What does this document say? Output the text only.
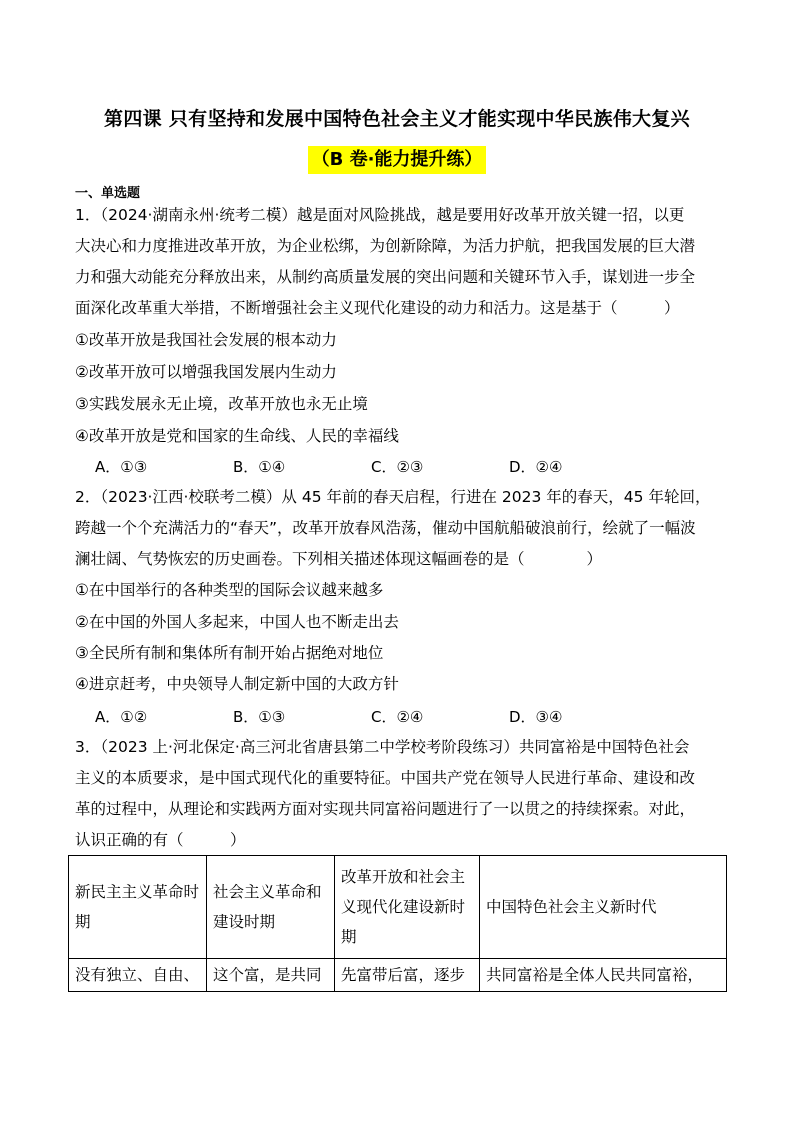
第四课 只有坚持和发展中国特色社会主义才能实现中华民族伟大复兴
（B 卷·能力提升练）
一、单选题
1．（2024·湖南永州·统考二模）越是面对风险挑战，越是要用好改革开放关键一招，以更
大决心和力度推进改革开放，为企业松绑，为创新除障，为活力护航，把我国发展的巨大潜
力和强大动能充分释放出来，从制约高质量发展的突出问题和关键环节入手，谋划进一步全
面深化改革重大举措，不断增强社会主义现代化建设的动力和活力。这是基于（　　　）
①改革开放是我国社会发展的根本动力
②改革开放可以增强我国发展内生动力
③实践发展永无止境，改革开放也永无止境
④改革开放是党和国家的生命线、人民的幸福线
A．①③	B．①④	C．②③	D．②④
2．（2023·江西·校联考二模）从 45 年前的春天启程，行进在 2023 年的春天，45 年轮回，
跨越一个个充满活力的“春天”，改革开放春风浩荡，催动中国航船破浪前行，绘就了一幅波
澜壮阔、气势恢宏的历史画卷。下列相关描述体现这幅画卷的是（　　　　）
①在中国举行的各种类型的国际会议越来越多
②在中国的外国人多起来，中国人也不断走出去
③全民所有制和集体所有制开始占据绝对地位
④进京赶考，中央领导人制定新中国的大政方针
A．①②	B．①③	C．②④	D．③④
3．（2023 上·河北保定·高三河北省唐县第二中学校考阶段练习）共同富裕是中国特色社会
主义的本质要求，是中国式现代化的重要特征。中国共产党在领导人民进行革命、建设和改
革的过程中，从理论和实践两方面对实现共同富裕问题进行了一以贯之的持续探索。对此，
认识正确的有（　　　）
新民主主义革命时期	社会主义革命和建设时期	改革开放和社会主义现代化建设新时期	中国特色社会主义新时代
没有独立、自由、	这个富，是共同	先富带后富，逐步	共同富裕是全体人民共同富裕，
